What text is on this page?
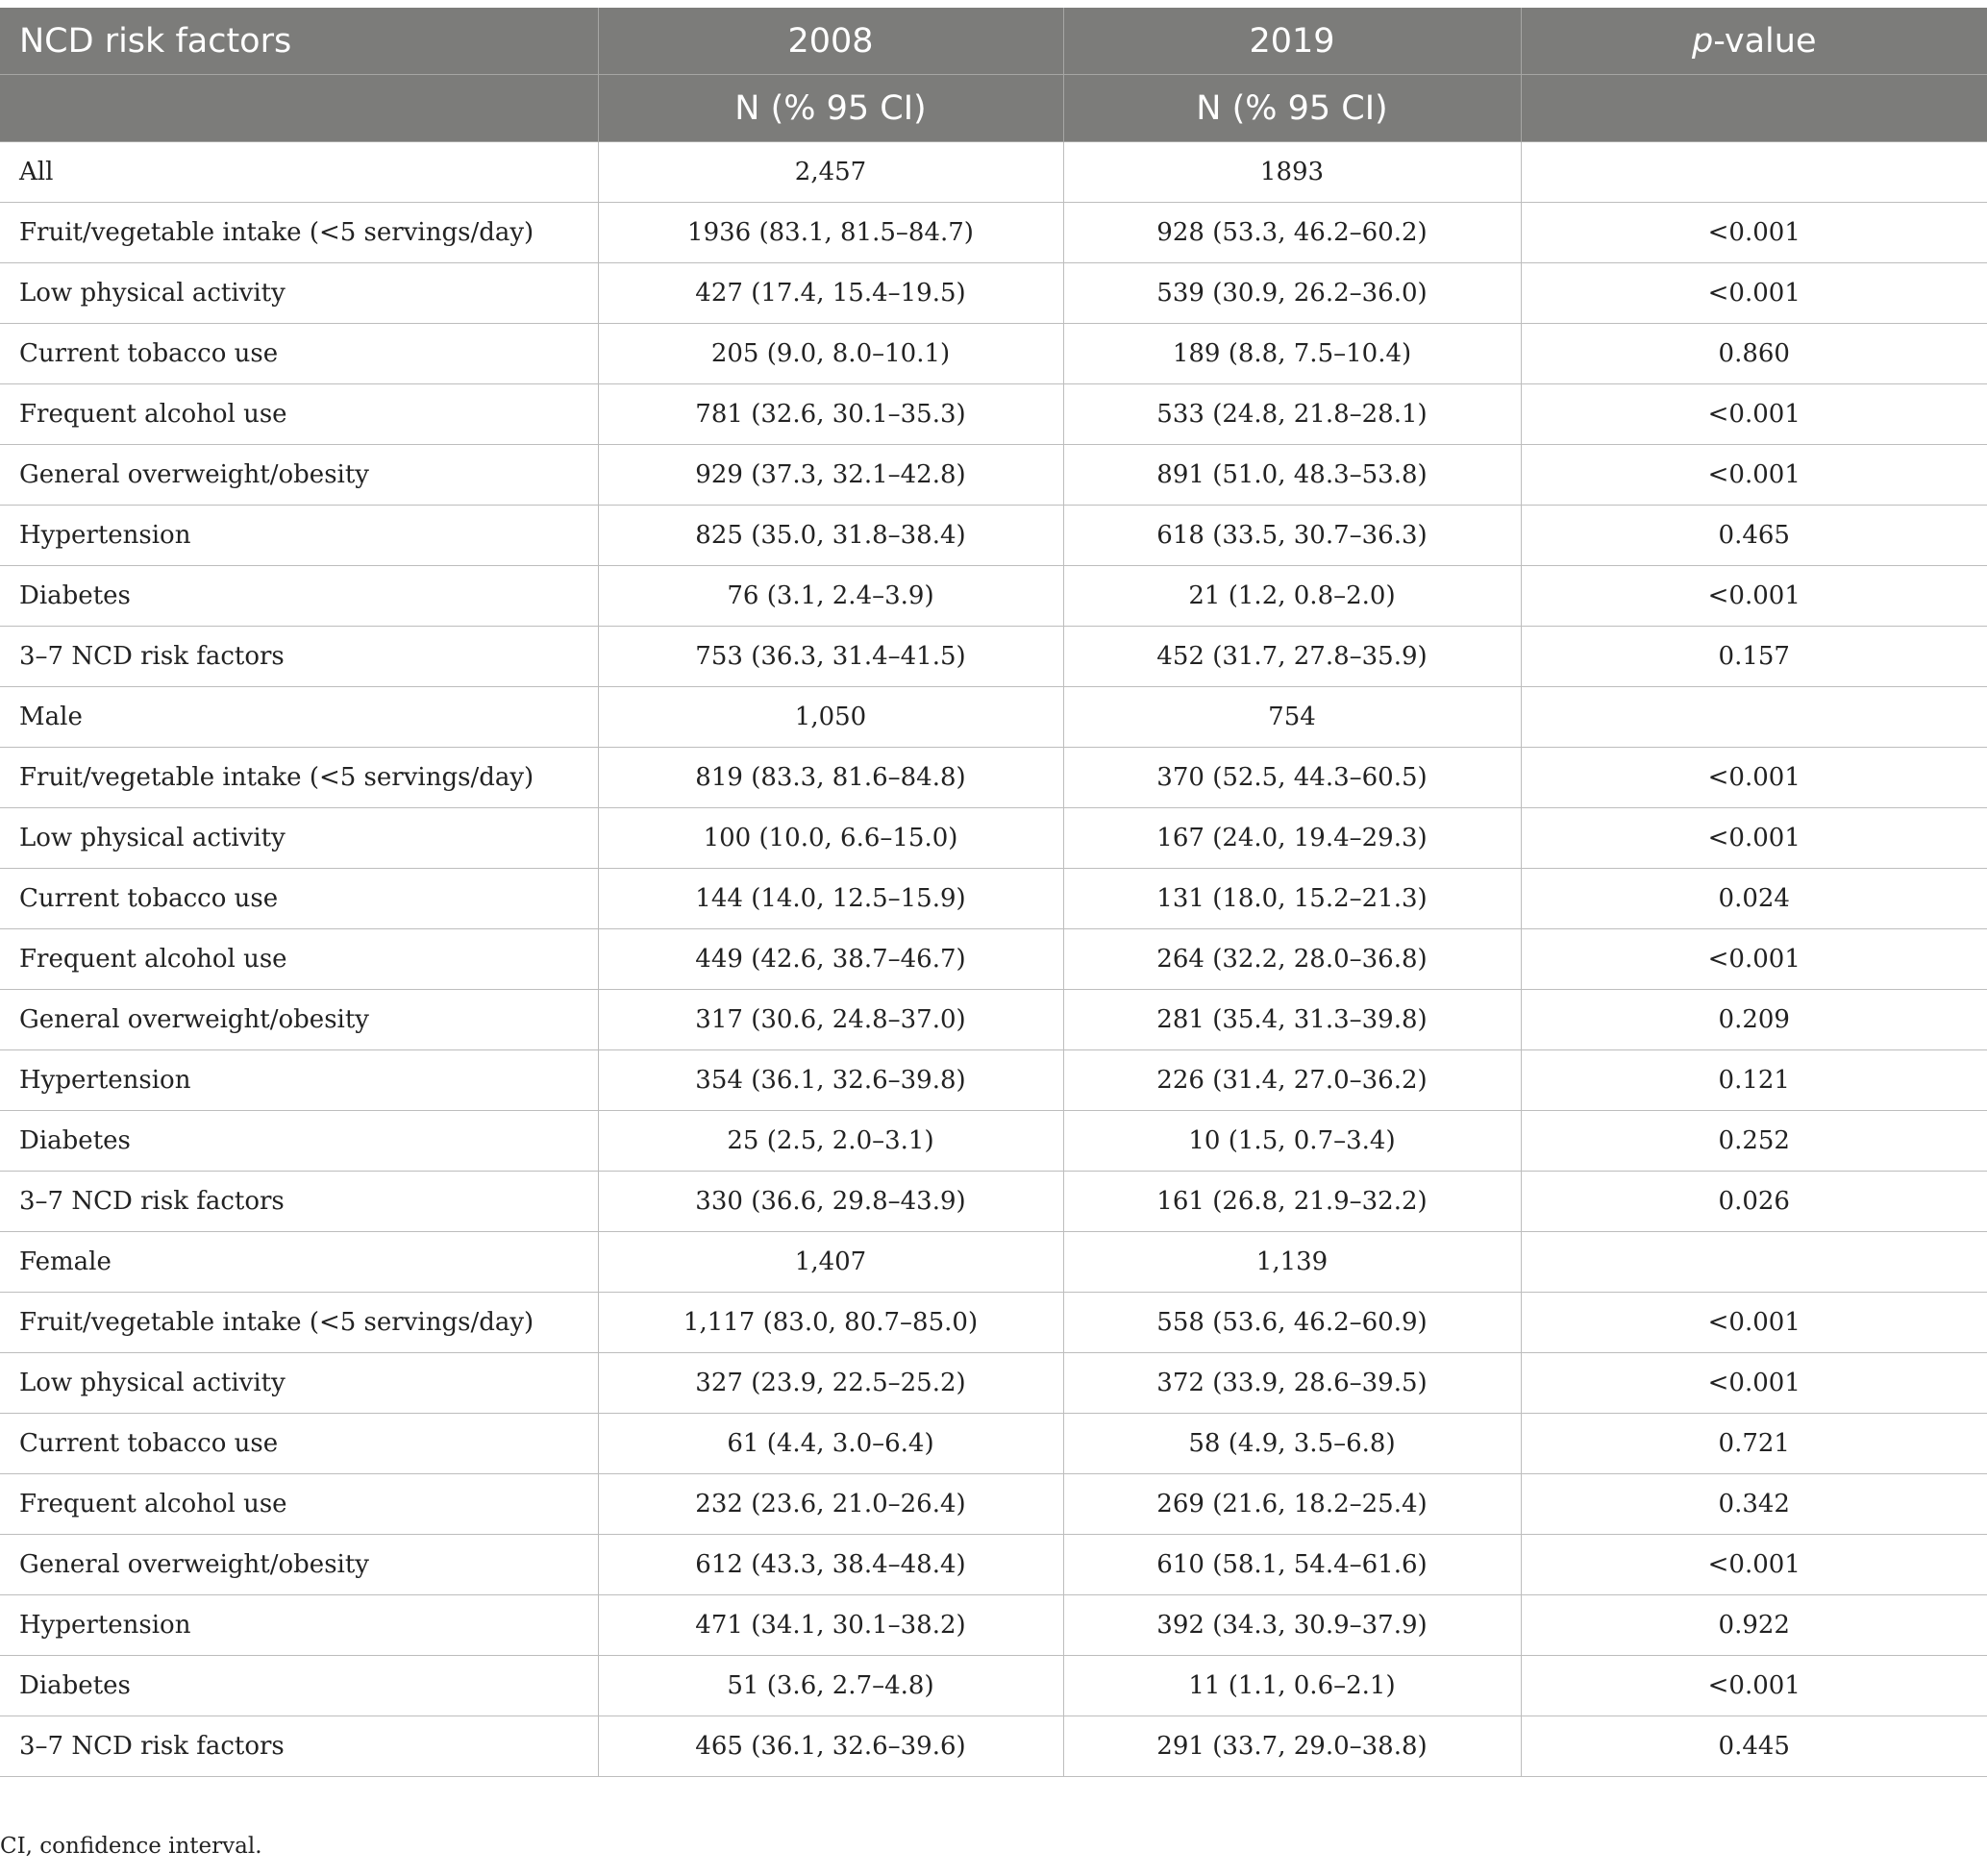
NCD risk factors	2008	2019	p-value
	N (% 95 CI)	N (% 95 CI)	
All	2,457	1893	
Fruit/vegetable intake (<5 servings/day)	1936 (83.1, 81.5–84.7)	928 (53.3, 46.2–60.2)	<0.001
Low physical activity	427 (17.4, 15.4–19.5)	539 (30.9, 26.2–36.0)	<0.001
Current tobacco use	205 (9.0, 8.0–10.1)	189 (8.8, 7.5–10.4)	0.860
Frequent alcohol use	781 (32.6, 30.1–35.3)	533 (24.8, 21.8–28.1)	<0.001
General overweight/obesity	929 (37.3, 32.1–42.8)	891 (51.0, 48.3–53.8)	<0.001
Hypertension	825 (35.0, 31.8–38.4)	618 (33.5, 30.7–36.3)	0.465
Diabetes	76 (3.1, 2.4–3.9)	21 (1.2, 0.8–2.0)	<0.001
3–7 NCD risk factors	753 (36.3, 31.4–41.5)	452 (31.7, 27.8–35.9)	0.157
Male	1,050	754	
Fruit/vegetable intake (<5 servings/day)	819 (83.3, 81.6–84.8)	370 (52.5, 44.3–60.5)	<0.001
Low physical activity	100 (10.0, 6.6–15.0)	167 (24.0, 19.4–29.3)	<0.001
Current tobacco use	144 (14.0, 12.5–15.9)	131 (18.0, 15.2–21.3)	0.024
Frequent alcohol use	449 (42.6, 38.7–46.7)	264 (32.2, 28.0–36.8)	<0.001
General overweight/obesity	317 (30.6, 24.8–37.0)	281 (35.4, 31.3–39.8)	0.209
Hypertension	354 (36.1, 32.6–39.8)	226 (31.4, 27.0–36.2)	0.121
Diabetes	25 (2.5, 2.0–3.1)	10 (1.5, 0.7–3.4)	0.252
3–7 NCD risk factors	330 (36.6, 29.8–43.9)	161 (26.8, 21.9–32.2)	0.026
Female	1,407	1,139	
Fruit/vegetable intake (<5 servings/day)	1,117 (83.0, 80.7–85.0)	558 (53.6, 46.2–60.9)	<0.001
Low physical activity	327 (23.9, 22.5–25.2)	372 (33.9, 28.6–39.5)	<0.001
Current tobacco use	61 (4.4, 3.0–6.4)	58 (4.9, 3.5–6.8)	0.721
Frequent alcohol use	232 (23.6, 21.0–26.4)	269 (21.6, 18.2–25.4)	0.342
General overweight/obesity	612 (43.3, 38.4–48.4)	610 (58.1, 54.4–61.6)	<0.001
Hypertension	471 (34.1, 30.1–38.2)	392 (34.3, 30.9–37.9)	0.922
Diabetes	51 (3.6, 2.7–4.8)	11 (1.1, 0.6–2.1)	<0.001
3–7 NCD risk factors	465 (36.1, 32.6–39.6)	291 (33.7, 29.0–38.8)	0.445
CI, confidence interval.
